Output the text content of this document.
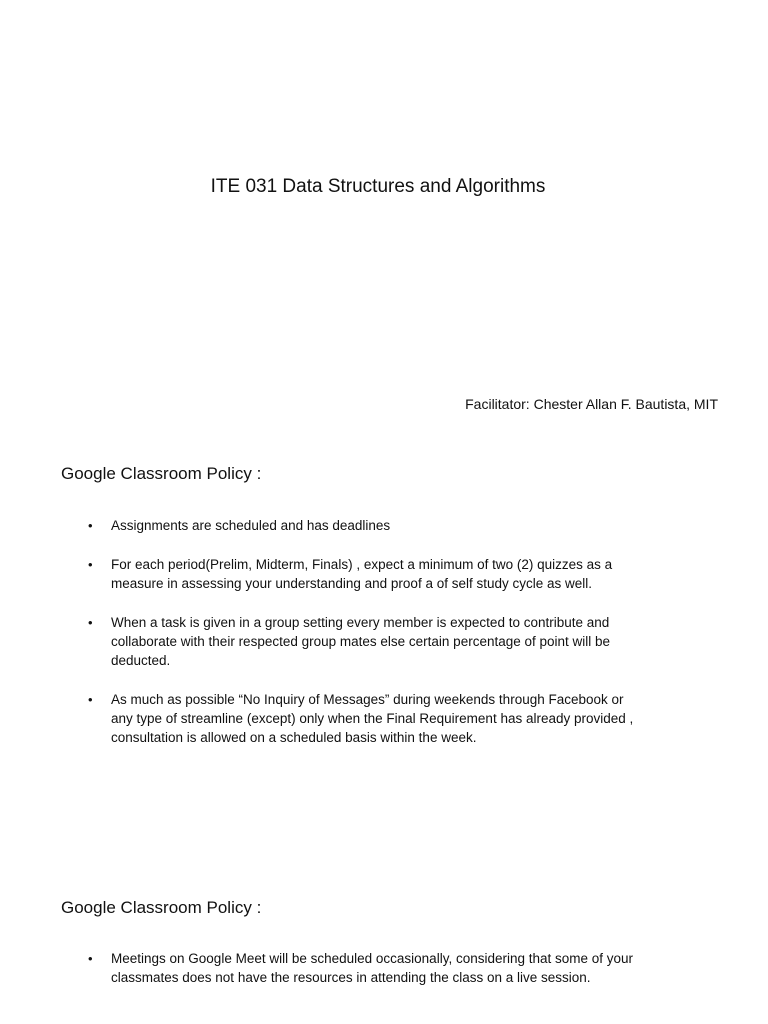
ITE 031 Data Structures and Algorithms

Facilitator: Chester Allan F. Bautista, MIT

Google Classroom Policy :
• Assignments are scheduled and has deadlines
• For each period(Prelim, Midterm, Finals) , expect a minimum of two (2) quizzes as a measure in assessing your understanding and proof a of self study cycle as well.
• When a task is given in a group setting every member is expected to contribute and collaborate with their respected group mates else certain percentage of point will be deducted.
• As much as possible “No Inquiry of Messages” during weekends through Facebook or any type of streamline (except) only when the Final Requirement has already provided , consultation is allowed on a scheduled basis within the week.
Google Classroom Policy :
• Meetings on Google Meet will be scheduled occasionally, considering that some of your classmates does not have the resources in attending the class on a live session.
